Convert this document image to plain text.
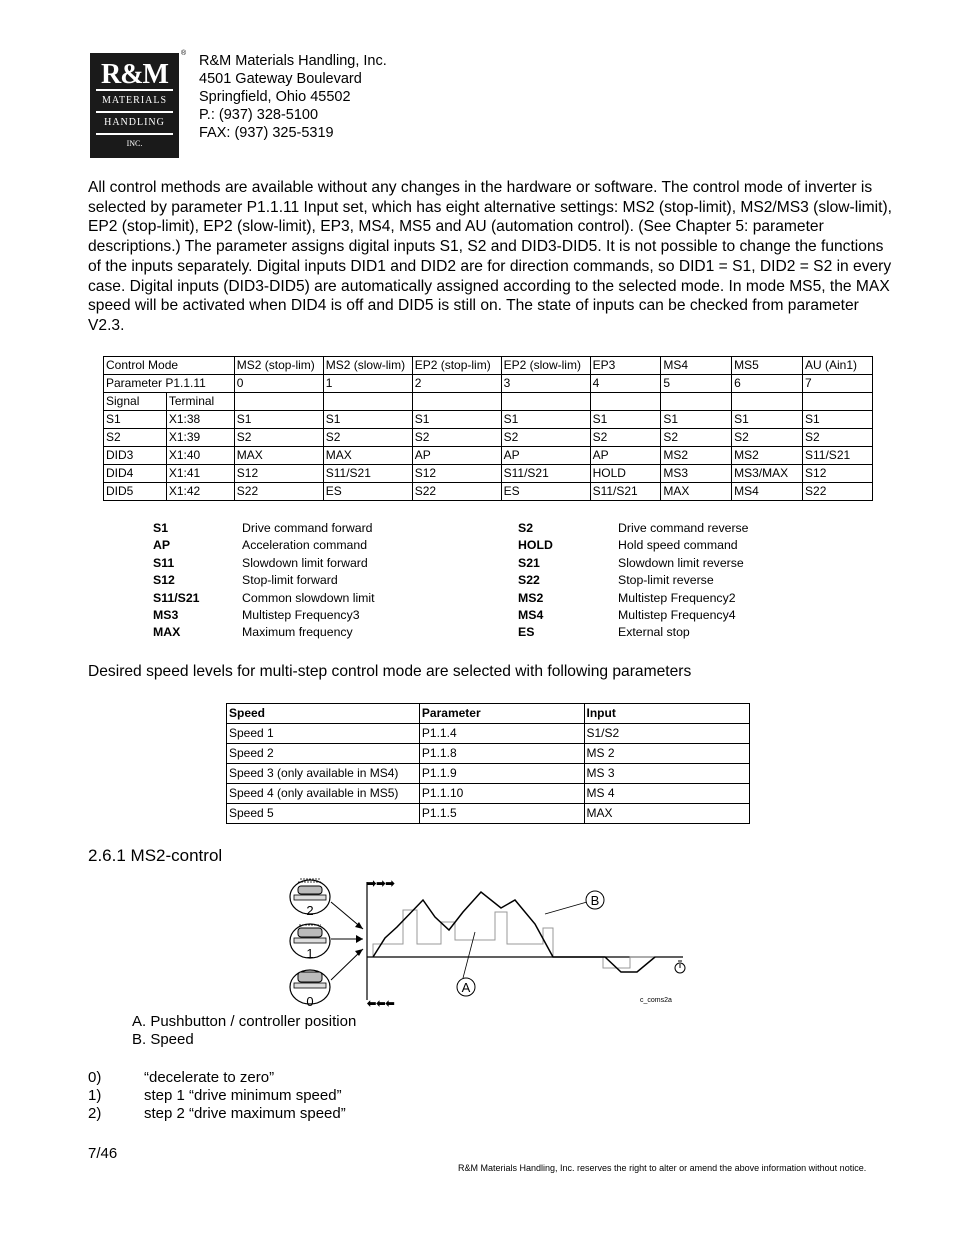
R&M
MATERIALS
HANDLING
INC.
® R&M Materials Handling, Inc.
4501 Gateway Boulevard
Springfield, Ohio 45502
P.: (937) 328-5100
FAX: (937) 325-5319
All control methods are available without any changes in the hardware or software. The control mode of inverter is selected by parameter P1.1.11 Input set, which has eight alternative settings: MS2 (stop-limit), MS2/MS3 (slow-limit), EP2 (stop-limit), EP2 (slow-limit), EP3, MS4, MS5 and AU (automation control). (See Chapter 5: parameter descriptions.) The parameter assigns digital inputs S1, S2 and DID3-DID5. It is not possible to change the functions of the inputs separately. Digital inputs DID1 and DID2 are for direction commands, so DID1 = S1, DID2 = S2 in every case. Digital inputs (DID3-DID5) are automatically assigned according to the selected mode. In mode MS5, the MAX speed will be activated when DID4 is off and DID5 is still on. The state of inputs can be checked from parameter V2.3.
Control Mode		MS2 (stop-lim)	MS2 (slow-lim)	EP2 (stop-lim)	EP2 (slow-lim)	EP3	MS4	MS5	AU (Ain1)
Parameter P1.1.11		0	1	2	3	4	5	6	7
Signal	Terminal								
S1	X1:38	S1	S1	S1	S1	S1	S1	S1	S1
S2	X1:39	S2	S2	S2	S2	S2	S2	S2	S2
DID3	X1:40	MAX	MAX	AP	AP	AP	MS2	MS2	S11/S21
DID4	X1:41	S12	S11/S21	S12	S11/S21	HOLD	MS3	MS3/MAX	S12
DID5	X1:42	S22	ES	S22	ES	S11/S21	MAX	MS4	S22
S1	Drive command forward	S2	Drive command reverse
AP	Acceleration command	HOLD	Hold speed command
S11	Slowdown limit forward	S21	Slowdown limit reverse
S12	Stop-limit forward	S22	Stop-limit reverse
S11/S21	Common slowdown limit	MS2	Multistep Frequency2
MS3	Multistep Frequency3	MS4	Multistep Frequency4
MAX	Maximum frequency	ES	External stop
Desired speed levels for multi-step control mode are selected with following parameters
Speed	Parameter	Input
Speed 1	P1.1.4	S1/S2
Speed 2	P1.1.8	MS 2
Speed 3 (only available in MS4)	P1.1.9	MS 3
Speed 4 (only available in MS5)	P1.1.10	MS 4
Speed 5	P1.1.5	MAX
2.6.1 MS2-control
2
1
0
➡➡➡
⬅⬅⬅
A
B
c_coms2a
A. Pushbutton / controller position
B. Speed
0)	“decelerate to zero”
1)	step 1 “drive minimum speed”
2)	step 2 “drive maximum speed”
7/46
R&M Materials Handling, Inc. reserves the right to alter or amend the above information without notice.
